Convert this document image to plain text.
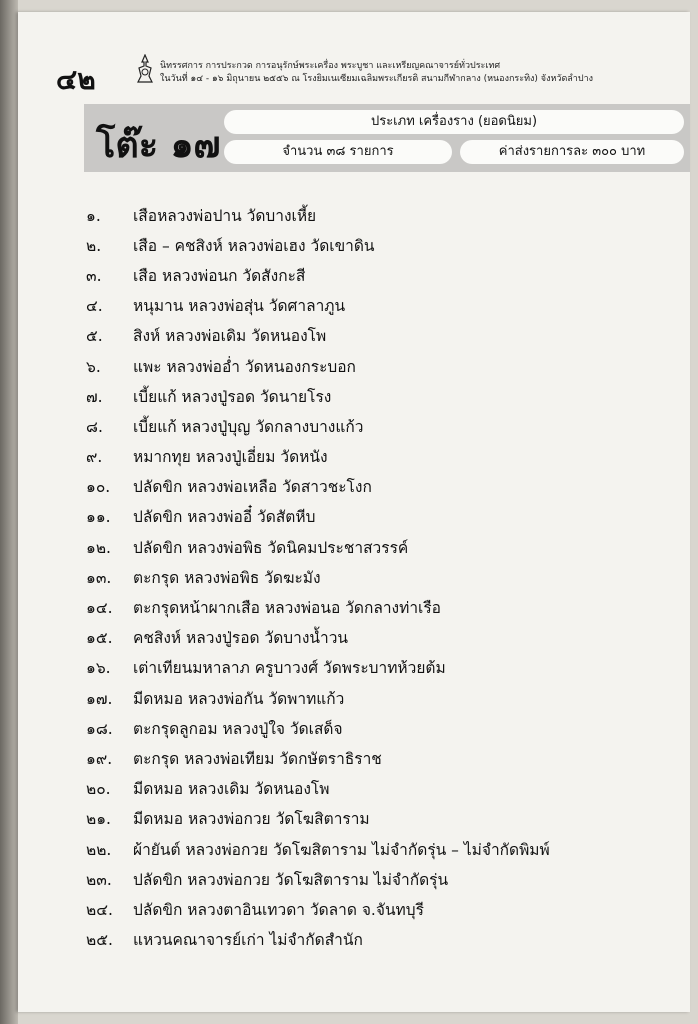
๔๒	นิทรรศการ การประกวด การอนุรักษ์พระเครื่อง พระบูชา และเหรียญคณาจารย์ทั่วประเทศ
ในวันที่ ๑๔ - ๑๖ มิถุนายน ๒๕๕๖ ณ โรงยิมเนเซียมเฉลิมพระเกียรติ สนามกีฬากลาง (หนองกระทิง) จังหวัดลำปาง
โต๊ะ ๑๗
ประเภท เครื่องราง (ยอดนิยม)
จำนวน ๓๘ รายการ	ค่าส่งรายการละ ๓๐๐ บาท
๑.	เสือหลวงพ่อปาน วัดบางเหี้ย
๒.	เสือ – คชสิงห์ หลวงพ่อเฮง วัดเขาดิน
๓.	เสือ หลวงพ่อนก วัดสังกะสี
๔.	หนุมาน หลวงพ่อสุ่น วัดศาลาภูน
๕.	สิงห์ หลวงพ่อเดิม วัดหนองโพ
๖.	แพะ หลวงพ่ออ่ำ วัดหนองกระบอก
๗.	เบี้ยแก้ หลวงปู่รอด วัดนายโรง
๘.	เบี้ยแก้ หลวงปู่บุญ วัดกลางบางแก้ว
๙.	หมากทุย หลวงปู่เอี่ยม วัดหนัง
๑๐.	ปลัดขิก หลวงพ่อเหลือ วัดสาวชะโงก
๑๑.	ปลัดขิก หลวงพ่ออี๋ วัดสัตหีบ
๑๒.	ปลัดขิก หลวงพ่อพิธ วัดนิคมประชาสวรรค์
๑๓.	ตะกรุด หลวงพ่อพิธ วัดฆะมัง
๑๔.	ตะกรุดหน้าผากเสือ หลวงพ่อนอ วัดกลางท่าเรือ
๑๕.	คชสิงห์ หลวงปู่รอด วัดบางน้ำวน
๑๖.	เต่าเทียนมหาลาภ ครูบาวงศ์ วัดพระบาทห้วยต้ม
๑๗.	มีดหมอ หลวงพ่อกัน วัดพาทแก้ว
๑๘.	ตะกรุดลูกอม หลวงปู่ใจ วัดเสด็จ
๑๙.	ตะกรุด หลวงพ่อเทียม วัดกษัตราธิราช
๒๐.	มีดหมอ หลวงเดิม วัดหนองโพ
๒๑.	มีดหมอ หลวงพ่อกวย วัดโฆสิตาราม
๒๒.	ผ้ายันต์ หลวงพ่อกวย วัดโฆสิตาราม ไม่จำกัดรุ่น – ไม่จำกัดพิมพ์
๒๓.	ปลัดขิก หลวงพ่อกวย วัดโฆสิตาราม ไม่จำกัดรุ่น
๒๔.	ปลัดขิก หลวงตาอินเทวดา วัดลาด จ.จันทบุรี
๒๕.	แหวนคณาจารย์เก่า ไม่จำกัดสำนัก
